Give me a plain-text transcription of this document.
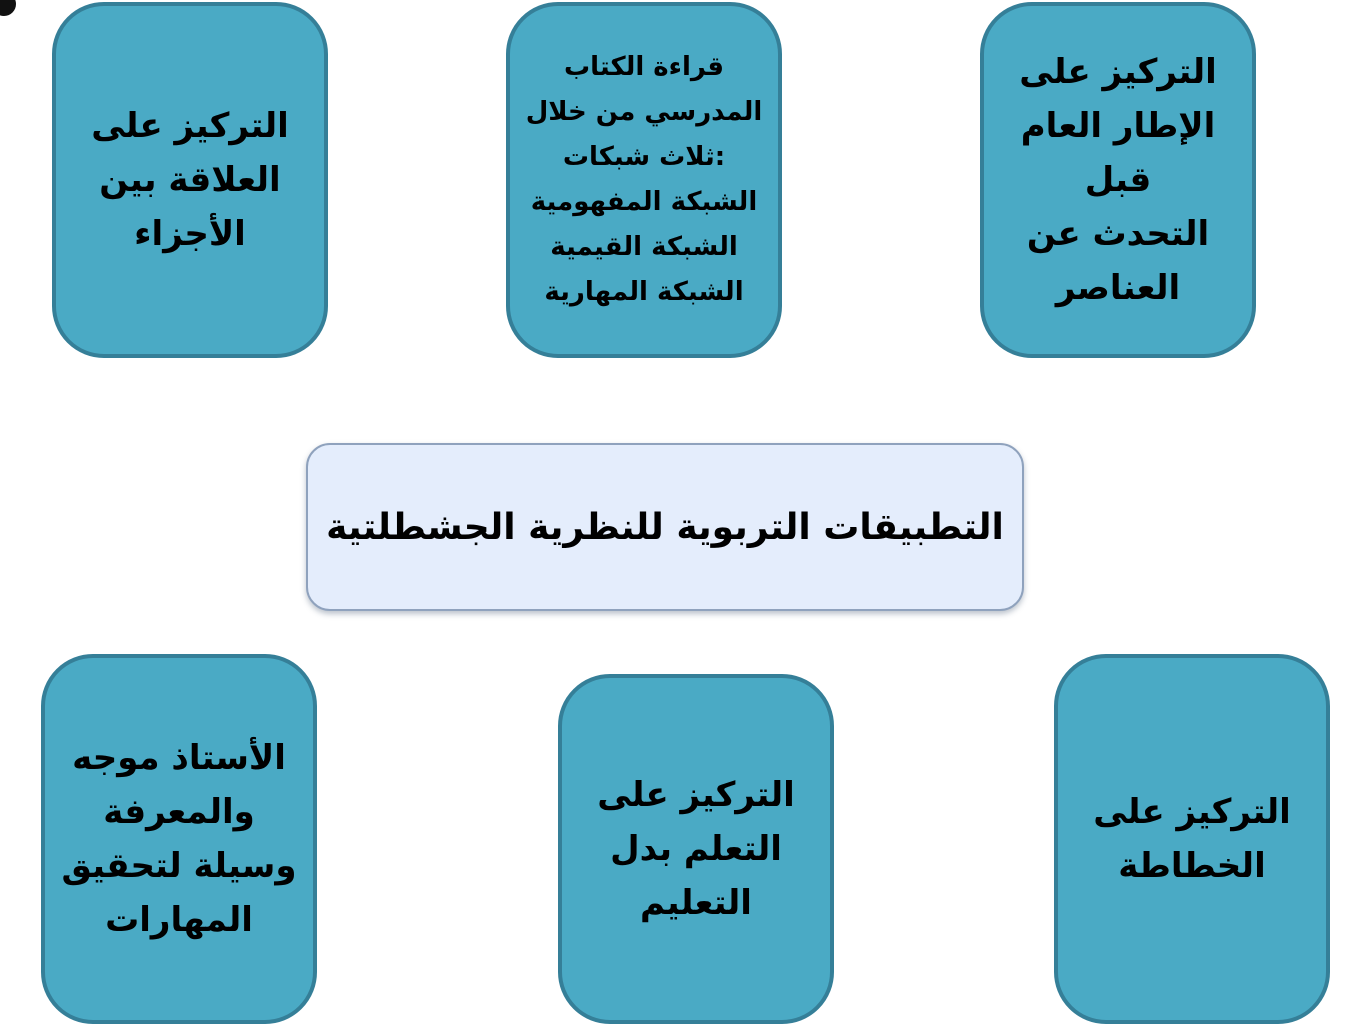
التركيز على
العلاقة بين
الأجزاء
قراءة الكتاب
المدرسي من خلال
:ثلاث شبكات
الشبكة المفهومية
الشبكة القيمية
الشبكة المهارية
التركيز على
الإطار العام قبل
التحدث عن
العناصر
التطبيقات التربوية للنظرية الجشطلتية
الأستاذ موجه
والمعرفة
وسيلة لتحقيق
المهارات
التركيز على
التعلم بدل
التعليم
التركيز على
الخطاطة
